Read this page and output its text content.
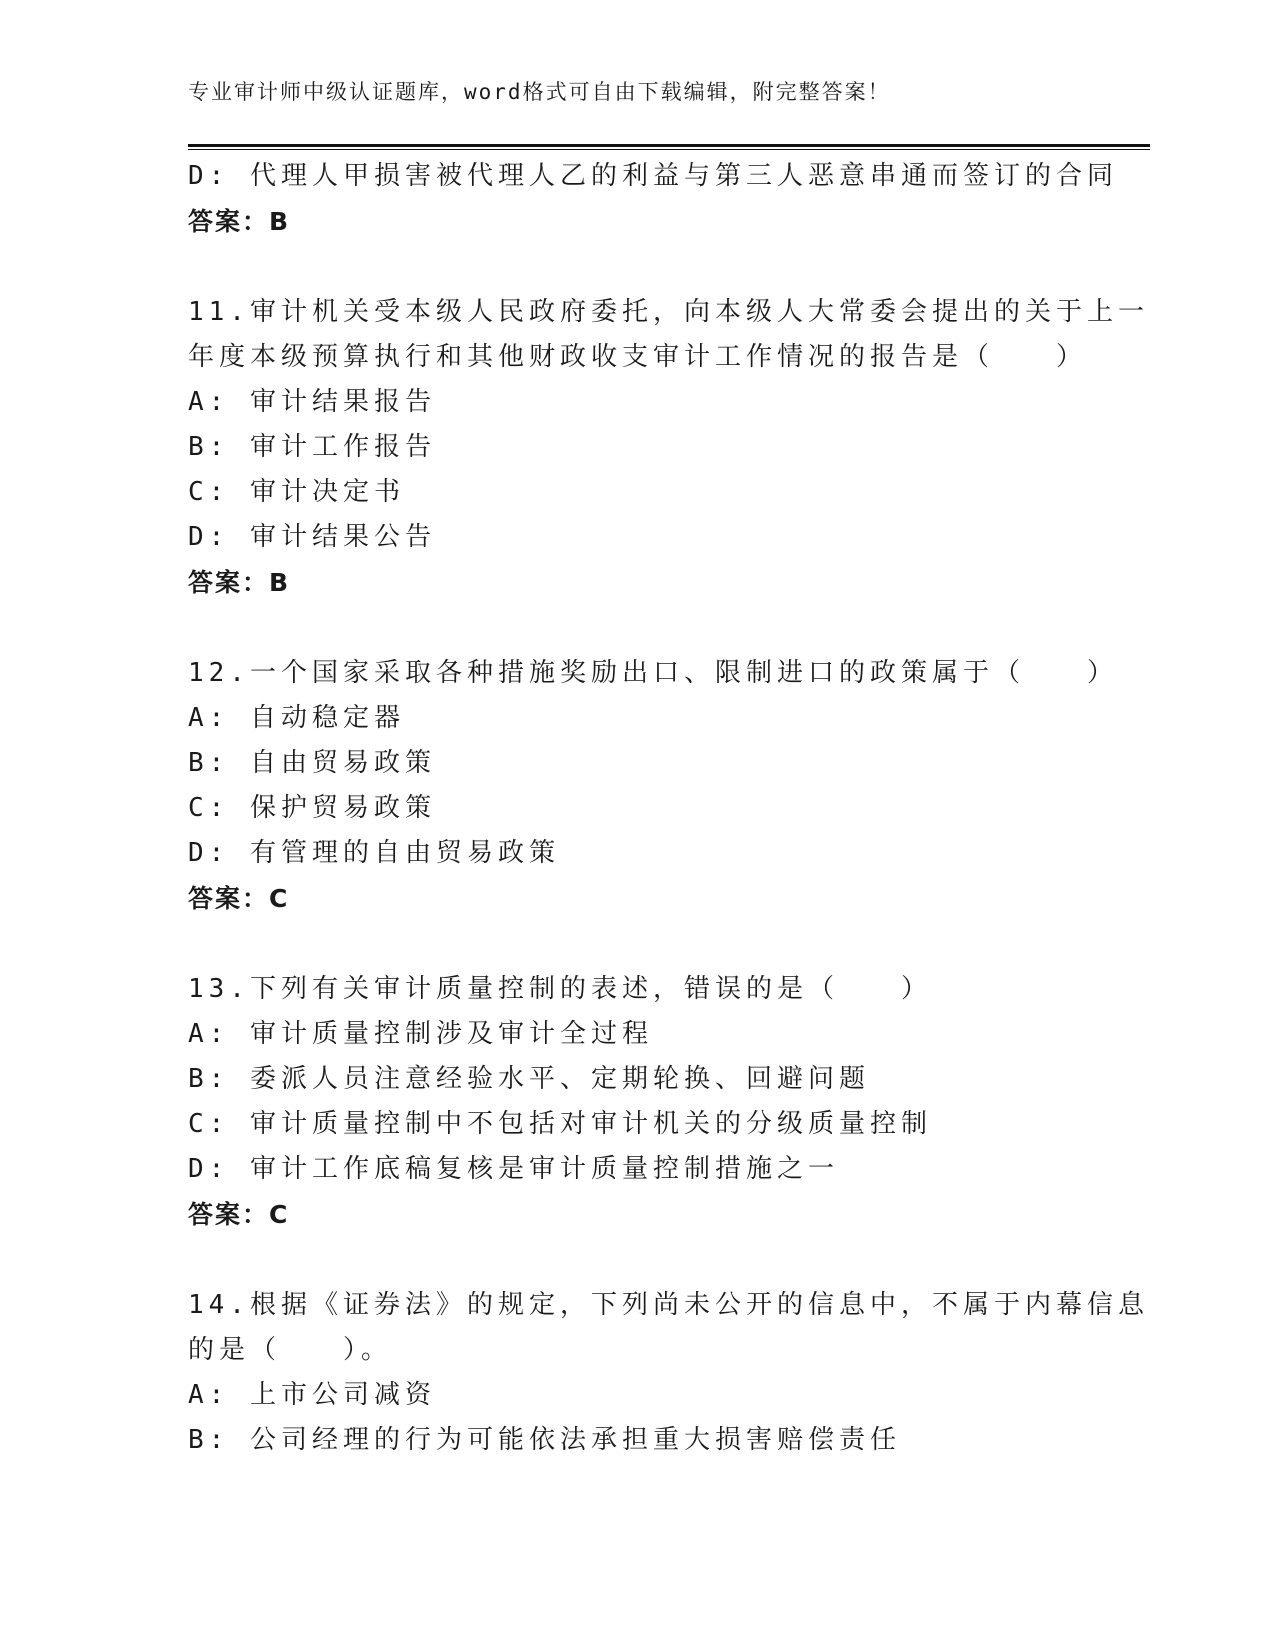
专业审计师中级认证题库，word格式可自由下载编辑，附完整答案！
D: 代理人甲损害被代理人乙的利益与第三人恶意串通而签订的合同
答案：B
11.审计机关受本级人民政府委托，向本级人大常委会提出的关于上一
年度本级预算执行和其他财政收支审计工作情况的报告是（　　）
A: 审计结果报告
B: 审计工作报告
C: 审计决定书
D: 审计结果公告
答案：B
12.一个国家采取各种措施奖励出口、限制进口的政策属于（　　）
A: 自动稳定器
B: 自由贸易政策
C: 保护贸易政策
D: 有管理的自由贸易政策
答案：C
13.下列有关审计质量控制的表述，错误的是（　　）
A: 审计质量控制涉及审计全过程
B: 委派人员注意经验水平、定期轮换、回避问题
C: 审计质量控制中不包括对审计机关的分级质量控制
D: 审计工作底稿复核是审计质量控制措施之一
答案：C
14.根据《证券法》的规定，下列尚未公开的信息中，不属于内幕信息
的是（　　）。
A: 上市公司减资
B: 公司经理的行为可能依法承担重大损害赔偿责任
